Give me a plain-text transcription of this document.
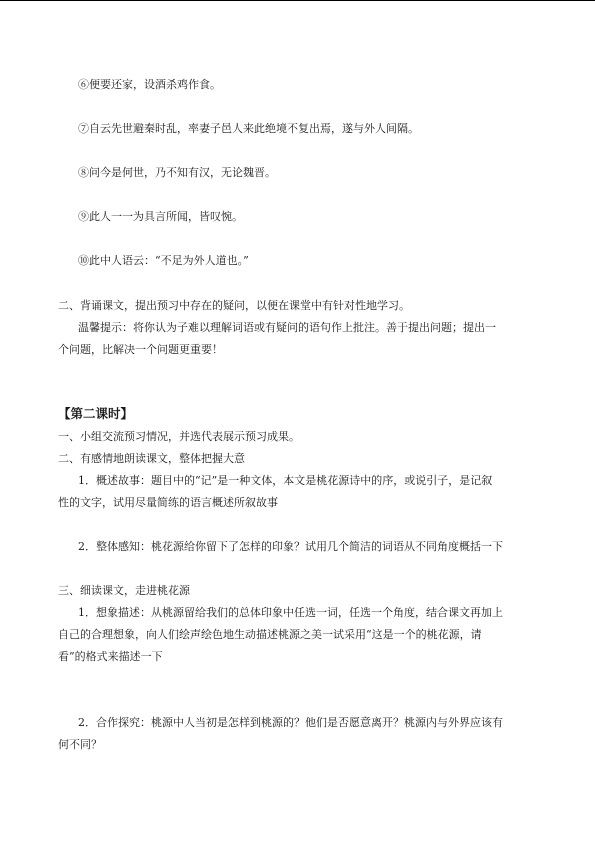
⑥便要还家，设酒杀鸡作食。
⑦自云先世避秦时乱，率妻子邑人来此绝境不复出焉，遂与外人间隔。
⑧问今是何世，乃不知有汉，无论魏晋。
⑨此人一一为具言所闻，皆叹惋。
⑩此中人语云：“不足为外人道也。”
二、背诵课文，提出预习中存在的疑问，以便在课堂中有针对性地学习。
温馨提示：将你认为子难以理解词语或有疑问的语句作上批注。善于提出问题；提出一
个问题，比解决一个问题更重要！
【第二课时】
一、小组交流预习情况，并选代表展示预习成果。
二、有感情地朗读课文，整体把握大意
1．概述故事：题目中的“记”是一种文体，本文是桃花源诗中的序，或说引子，是记叙
性的文字，试用尽量简练的语言概述所叙故事
2．整体感知：桃花源给你留下了怎样的印象？试用几个简洁的词语从不同角度概括一下
三、细读课文，走进桃花源
1．想象描述：从桃源留给我们的总体印象中任选一词，任选一个角度，结合课文再加上
自己的合理想象，向人们绘声绘色地生动描述桃源之美一试采用“这是一个的桃花源，请
看”的格式来描述一下
2．合作探究：桃源中人当初是怎样到桃源的？他们是否愿意离开？桃源内与外界应该有
何不同？
